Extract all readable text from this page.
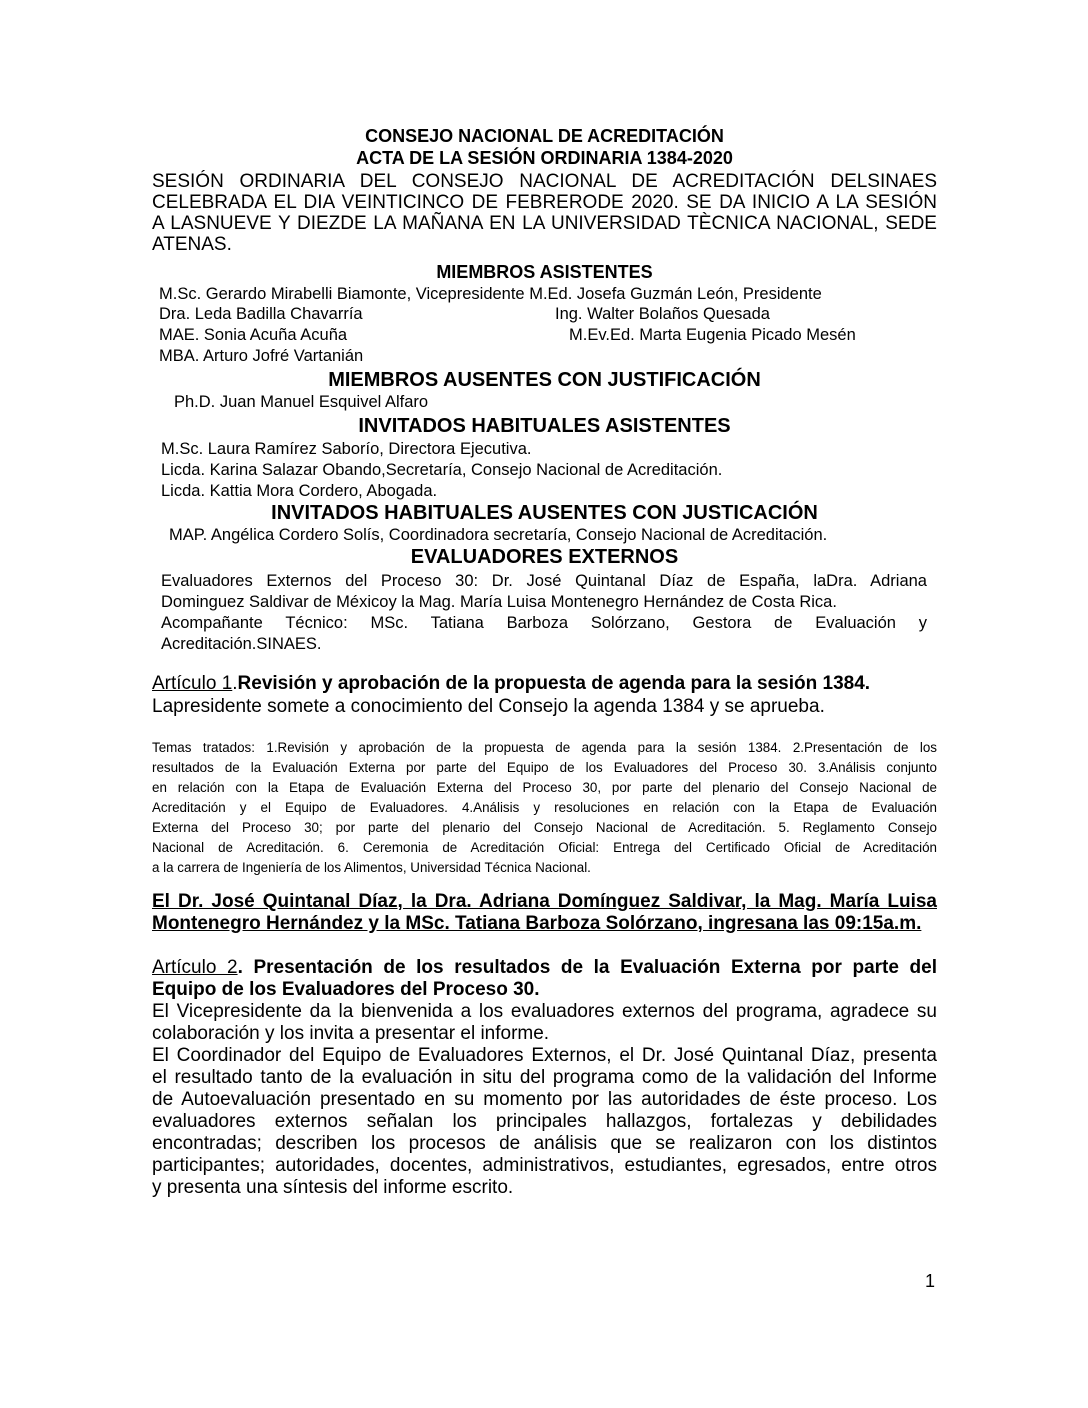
CONSEJO NACIONAL DE ACREDITACIÓN
ACTA DE LA SESIÓN ORDINARIA 1384-2020
SESIÓN ORDINARIA DEL CONSEJO NACIONAL DE ACREDITACIÓN DELSINAES
CELEBRADA EL DIA VEINTICINCO DE FEBRERODE 2020. SE DA INICIO A LA SESIÓN
A LASNUEVE Y DIEZDE LA MAÑANA EN LA UNIVERSIDAD TÈCNICA NACIONAL, SEDE
ATENAS.
MIEMBROS ASISTENTES
M.Sc. Gerardo Mirabelli Biamonte, Vicepresidente M.Ed. Josefa Guzmán León, Presidente
Dra. Leda Badilla Chavarría	Ing. Walter Bolaños Quesada
MAE. Sonia Acuña Acuña	M.Ev.Ed. Marta Eugenia Picado Mesén
MBA. Arturo Jofré Vartanián
MIEMBROS AUSENTES CON JUSTIFICACIÓN
Ph.D. Juan Manuel Esquivel Alfaro
INVITADOS HABITUALES ASISTENTES
M.Sc. Laura Ramírez Saborío, Directora Ejecutiva.
Licda. Karina Salazar Obando,Secretaría, Consejo Nacional de Acreditación.
Licda. Kattia Mora Cordero, Abogada.
INVITADOS HABITUALES AUSENTES CON JUSTICACIÓN
MAP. Angélica Cordero Solís, Coordinadora secretaría, Consejo Nacional de Acreditación.
EVALUADORES EXTERNOS

Evaluadores Externos del Proceso 30: Dr. José Quintanal Díaz de España, laDra. Adriana

Dominguez Saldivar de Méxicoy la Mag. María Luisa Montenegro Hernández de Costa Rica.

Acompañante Técnico: MSc. Tatiana Barboza Solórzano, Gestora de Evaluación y

Acreditación.SINAES.

Artículo 1.Revisión y aprobación de la propuesta de agenda para la sesión 1384.
Lapresidente somete a conocimiento del Consejo la agenda 1384 y se aprueba.

Temas tratados: 1.Revisión y aprobación de la propuesta de agenda para la sesión 1384. 2.Presentación de los

resultados de la Evaluación Externa por parte del Equipo de los Evaluadores del Proceso 30. 3.Análisis conjunto

en relación con la Etapa de Evaluación Externa del Proceso 30, por parte del plenario del Consejo Nacional de

Acreditación y el Equipo de Evaluadores. 4.Análisis y resoluciones en relación con la Etapa de Evaluación

Externa del Proceso 30; por parte del plenario del Consejo Nacional de Acreditación. 5. Reglamento Consejo

Nacional de Acreditación. 6. Ceremonia de Acreditación Oficial: Entrega del Certificado Oficial de Acreditación

a la carrera de Ingeniería de los Alimentos, Universidad Técnica Nacional.

El Dr. José Quintanal Díaz, la Dra. Adriana Domínguez Saldivar, la Mag. María Luisa

Montenegro Hernández y la MSc. Tatiana Barboza Solórzano, ingresana las 09:15a.m.

Artículo 2. Presentación de los resultados de la Evaluación Externa por parte del

Equipo de los Evaluadores del Proceso 30.

El Vicepresidente da la bienvenida a los evaluadores externos del programa, agradece su

colaboración y los invita a presentar el informe.

El Coordinador del Equipo de Evaluadores Externos, el Dr. José Quintanal Díaz, presenta

el resultado tanto de la evaluación in situ del programa como de la validación del Informe

de Autoevaluación presentado en su momento por las autoridades de éste proceso. Los

evaluadores externos señalan los principales hallazgos, fortalezas y debilidades

encontradas; describen los procesos de análisis que se realizaron con los distintos

participantes; autoridades, docentes, administrativos, estudiantes, egresados, entre otros

y presenta una síntesis del informe escrito.

1
